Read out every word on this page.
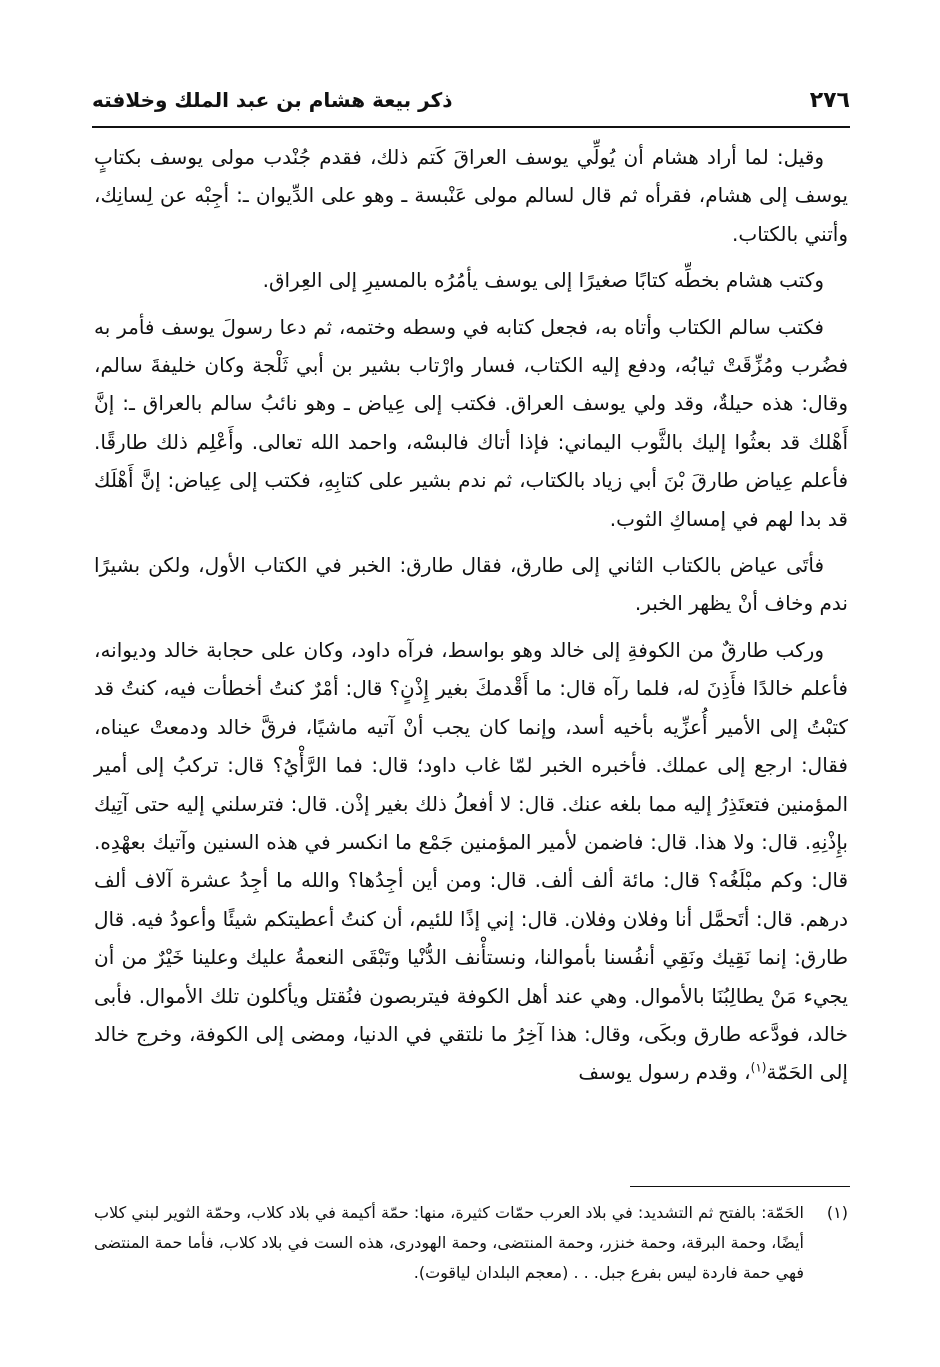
٢٧٦
ذكر بيعة هشام بن عبد الملك وخلافته

وقيل: لما أراد هشام أن يُولِّي يوسف العراقَ كَتم ذلك، فقدم جُنْدب مولى يوسف بكتابٍ يوسف إلى هشام، فقرأه ثم قال لسالم مولى عَنْبسة ـ وهو على الدِّيوان ـ: أجِبْه عن لِسانِك، وأتني بالكتاب.

وكتب هشام بخطِّه كتابًا صغيرًا إلى يوسف يأمُرُه بالمسيرِ إلى العِراق.

فكتب سالم الكتاب وأتاه به، فجعل كتابه في وسطه وختمه، ثم دعا رسولَ يوسف فأمر به فضُرب ومُزِّقَتْ ثيابُه، ودفع إليه الكتاب، فسار وارْتاب بشير بن أبي ثَلْجة وكان خليفةَ سالم، وقال: هذه حيلةٌ، وقد ولي يوسف العراق. فكتب إلى عِياض ـ وهو نائبُ سالم بالعراق ـ: إنَّ أَهْلك قد بعثُوا إليك بالثَّوب اليماني: فإذا أتاك فالبسْه، واحمد الله تعالى. وأَعْلِم ذلك طارقًا. فأعلم عِياض طارقَ بْنَ أبي زياد بالكتاب، ثم ندم بشير على كتابِهِ، فكتب إلى عِياض: إنَّ أَهْلَك قد بدا لهم في إمساكِ الثوب.

فأتَى عياض بالكتاب الثاني إلى طارق، فقال طارق: الخبر في الكتاب الأول، ولكن بشيرًا ندم وخاف أنْ يظهر الخبر.

وركب طارقٌ من الكوفةِ إلى خالد وهو بواسط، فرآه داود، وكان على حجابة خالد وديوانه، فأعلم خالدًا فأَذِنَ له، فلما رآه قال: ما أَقْدمكَ بغير إِذْنٍ؟ قال: أمْرٌ كنتُ أخطأت فيه، كنتُ قد كتبْتُ إلى الأمير أُعزِّيه بأخيه أسد، وإنما كان يجب أنْ آتيه ماشيًا، فرقَّ خالد ودمعتْ عيناه، فقال: ارجع إلى عملك. فأخبره الخبر لمّا غاب داود؛ قال: فما الرَّأْيُ؟ قال: تركبُ إلى أمير المؤمنين فتعتَذِرُ إليه مما بلغه عنك. قال: لا أفعلُ ذلك بغير إذْن. قال: فترسلني إليه حتى آتِيك بإِذْنِهِ. قال: ولا هذا. قال: فاضمن لأمير المؤمنين جَمْع ما انكسر في هذه السنين وآتيك بعهْدِه. قال: وكم مبْلَغُه؟ قال: مائة ألف ألف. قال: ومن أين أجِدُها؟ والله ما أجِدُ عشرة آلاف ألف درهم. قال: أتَحمَّل أنا وفلان وفلان. قال: إني إذًا للئيم، أن كنتُ أعطيتكم شيئًا وأعودُ فيه. قال طارق: إنما نَقِيك ونَقِي أنفُسنا بأموالنا، ونستأْنف الدُّنْيا وتَبْقَى النعمةُ عليك وعلينا خَيْرٌ من أن يجيء مَنْ يطالِبُنَا بالأموال. وهي عند أهل الكوفة فيتربصون فنُقتل ويأكلون تلك الأموال. فأبى خالد، فودَّعه طارق وبكَى، وقال: هذا آخِرُ ما نلتقي في الدنيا، ومضى إلى الكوفة، وخرج خالد إلى الحَمّة$^{(١)}$، وقدم رسول يوسف

(١)
الحَمّة: بالفتح ثم التشديد: في بلاد العرب حمّات كثيرة، منها: حمّة أكيمة في بلاد كلاب، وحمّة الثوير لبني كلاب أيضًا، وحمة البرقة، وحمة خنزر، وحمة المنتضى، وحمة الهودرى، هذه الست في بلاد كلاب، فأما حمة المنتضى فهي حمة فاردة ليس بفرع جبل. . . (معجم البلدان لياقوت).
